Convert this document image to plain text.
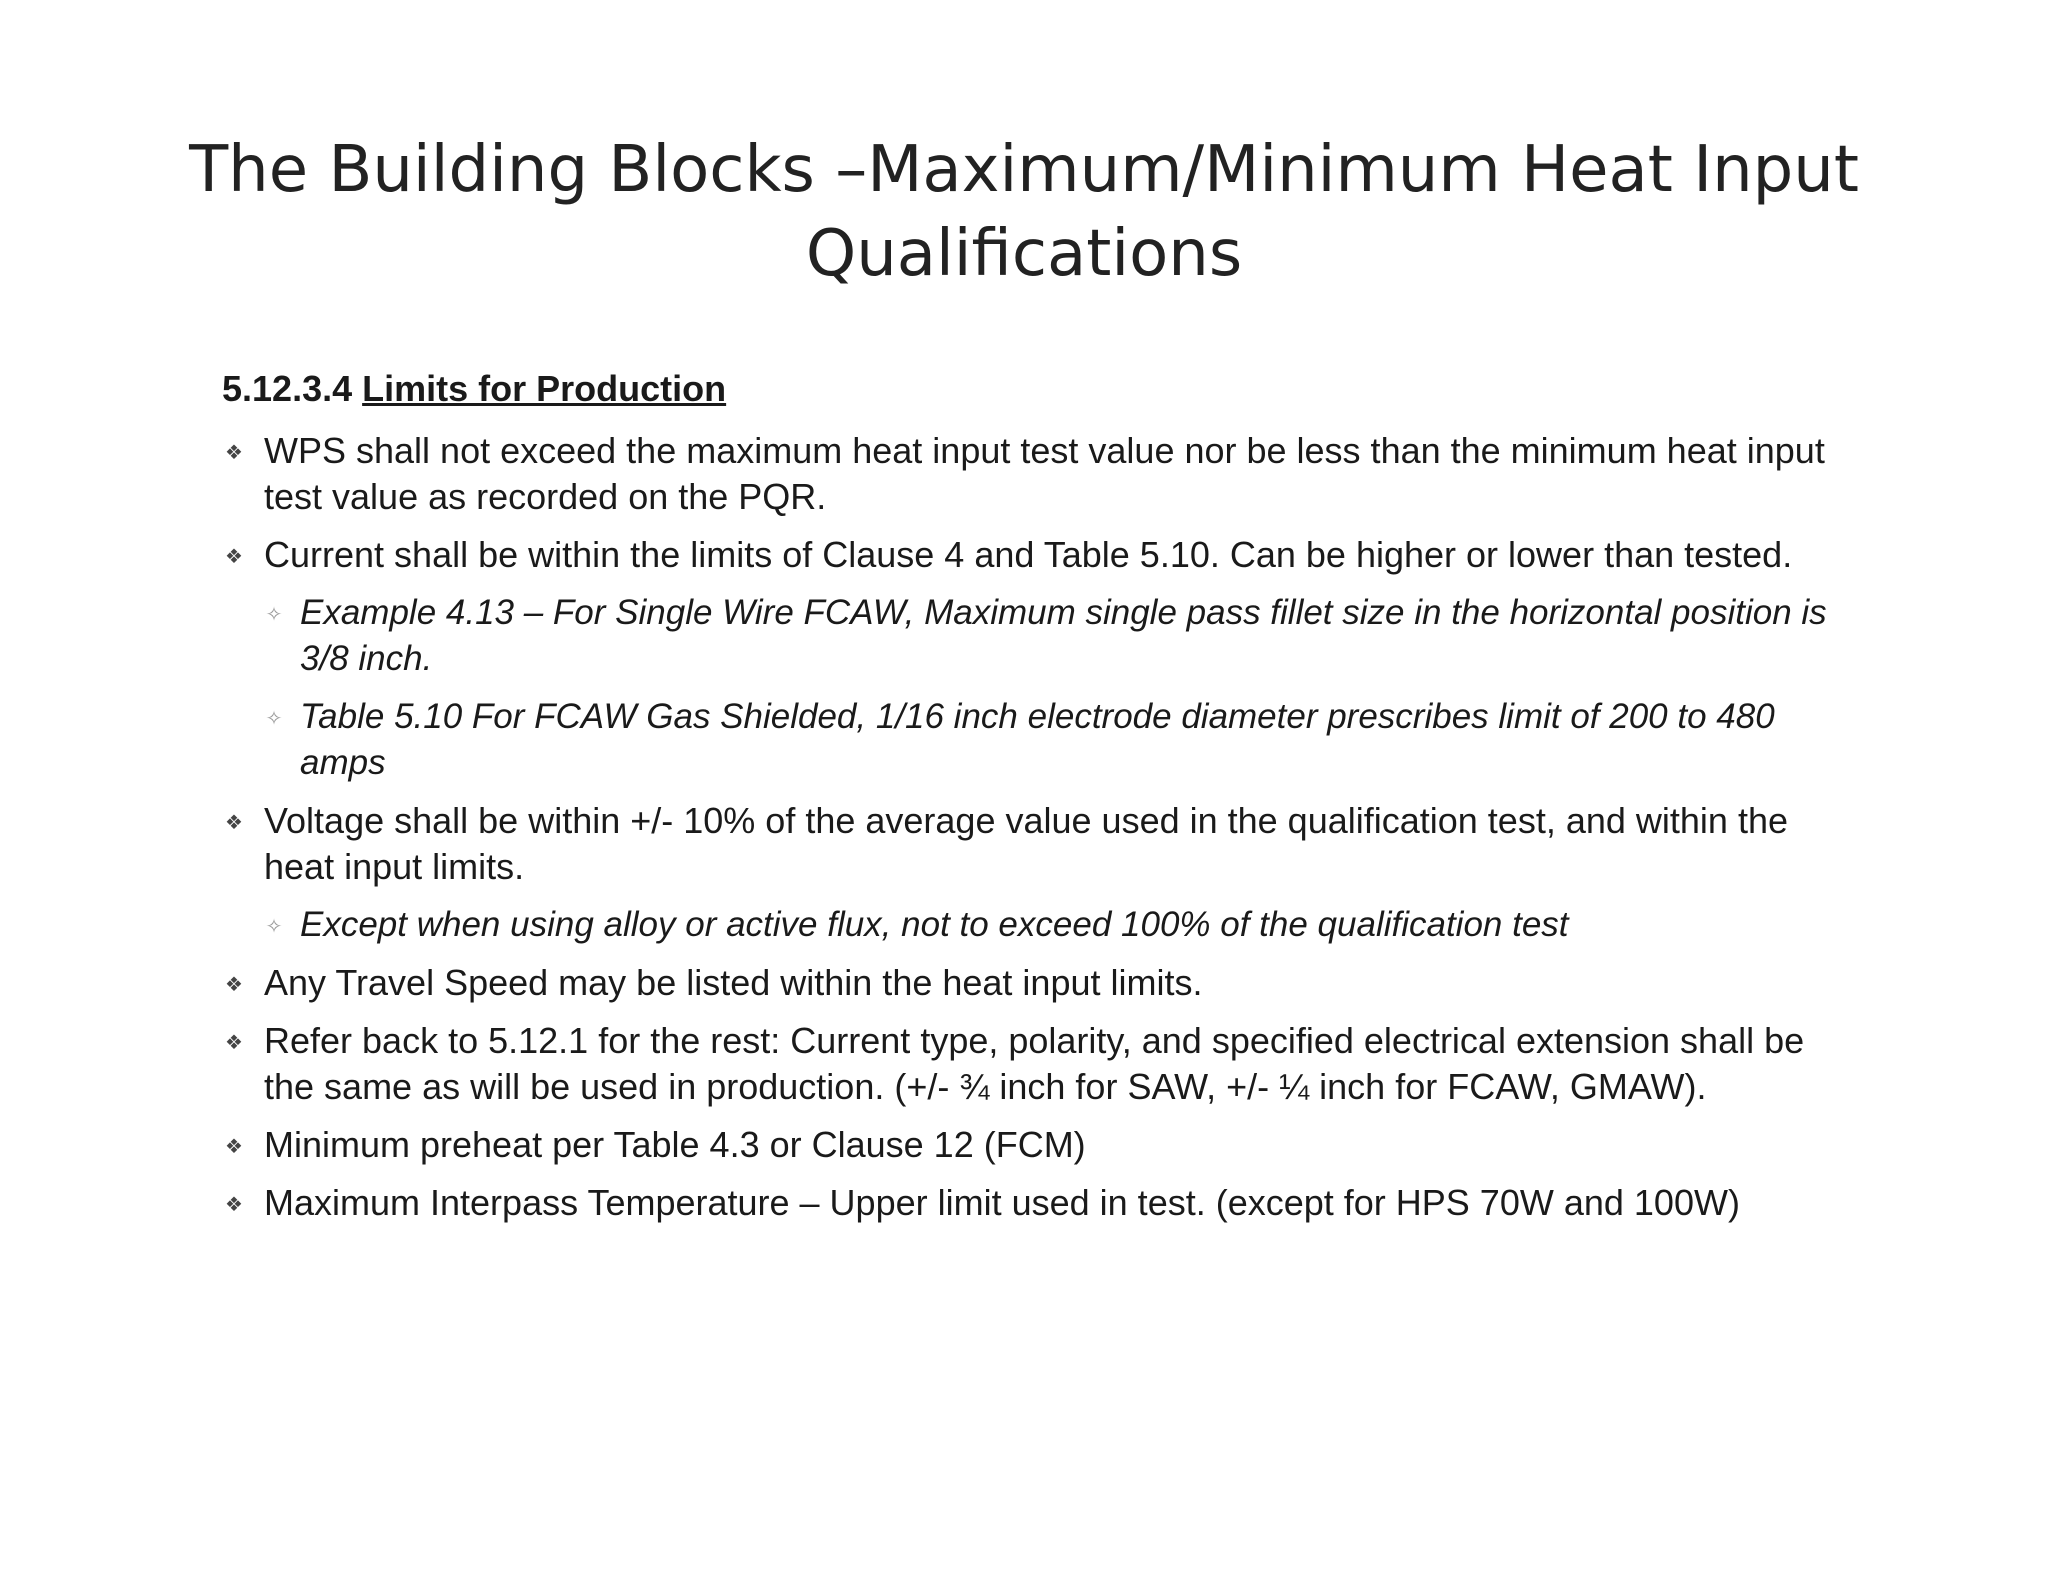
The Building Blocks –Maximum/Minimum Heat Input
Qualifications
5.12.3.4 Limits for Production
❖ WPS shall not exceed the maximum heat input test value nor be less than the minimum heat input test value as recorded on the PQR.
❖ Current shall be within the limits of Clause 4 and Table 5.10. Can be higher or lower than tested.
✧ Example 4.13 – For Single Wire FCAW, Maximum single pass fillet size in the horizontal position is 3/8 inch.
✧ Table 5.10 For FCAW Gas Shielded, 1/16 inch electrode diameter prescribes limit of 200 to 480 amps
❖ Voltage shall be within +/- 10% of the average value used in the qualification test, and within the heat input limits.
✧ Except when using alloy or active flux, not to exceed 100% of the qualification test
❖ Any Travel Speed may be listed within the heat input limits.
❖ Refer back to 5.12.1 for the rest: Current type, polarity, and specified electrical extension shall be the same as will be used in production. (+/- ¾ inch for SAW, +/- ¼ inch for FCAW, GMAW).
❖ Minimum preheat per Table 4.3 or Clause 12 (FCM)
❖ Maximum Interpass Temperature – Upper limit used in test. (except for HPS 70W and 100W)
